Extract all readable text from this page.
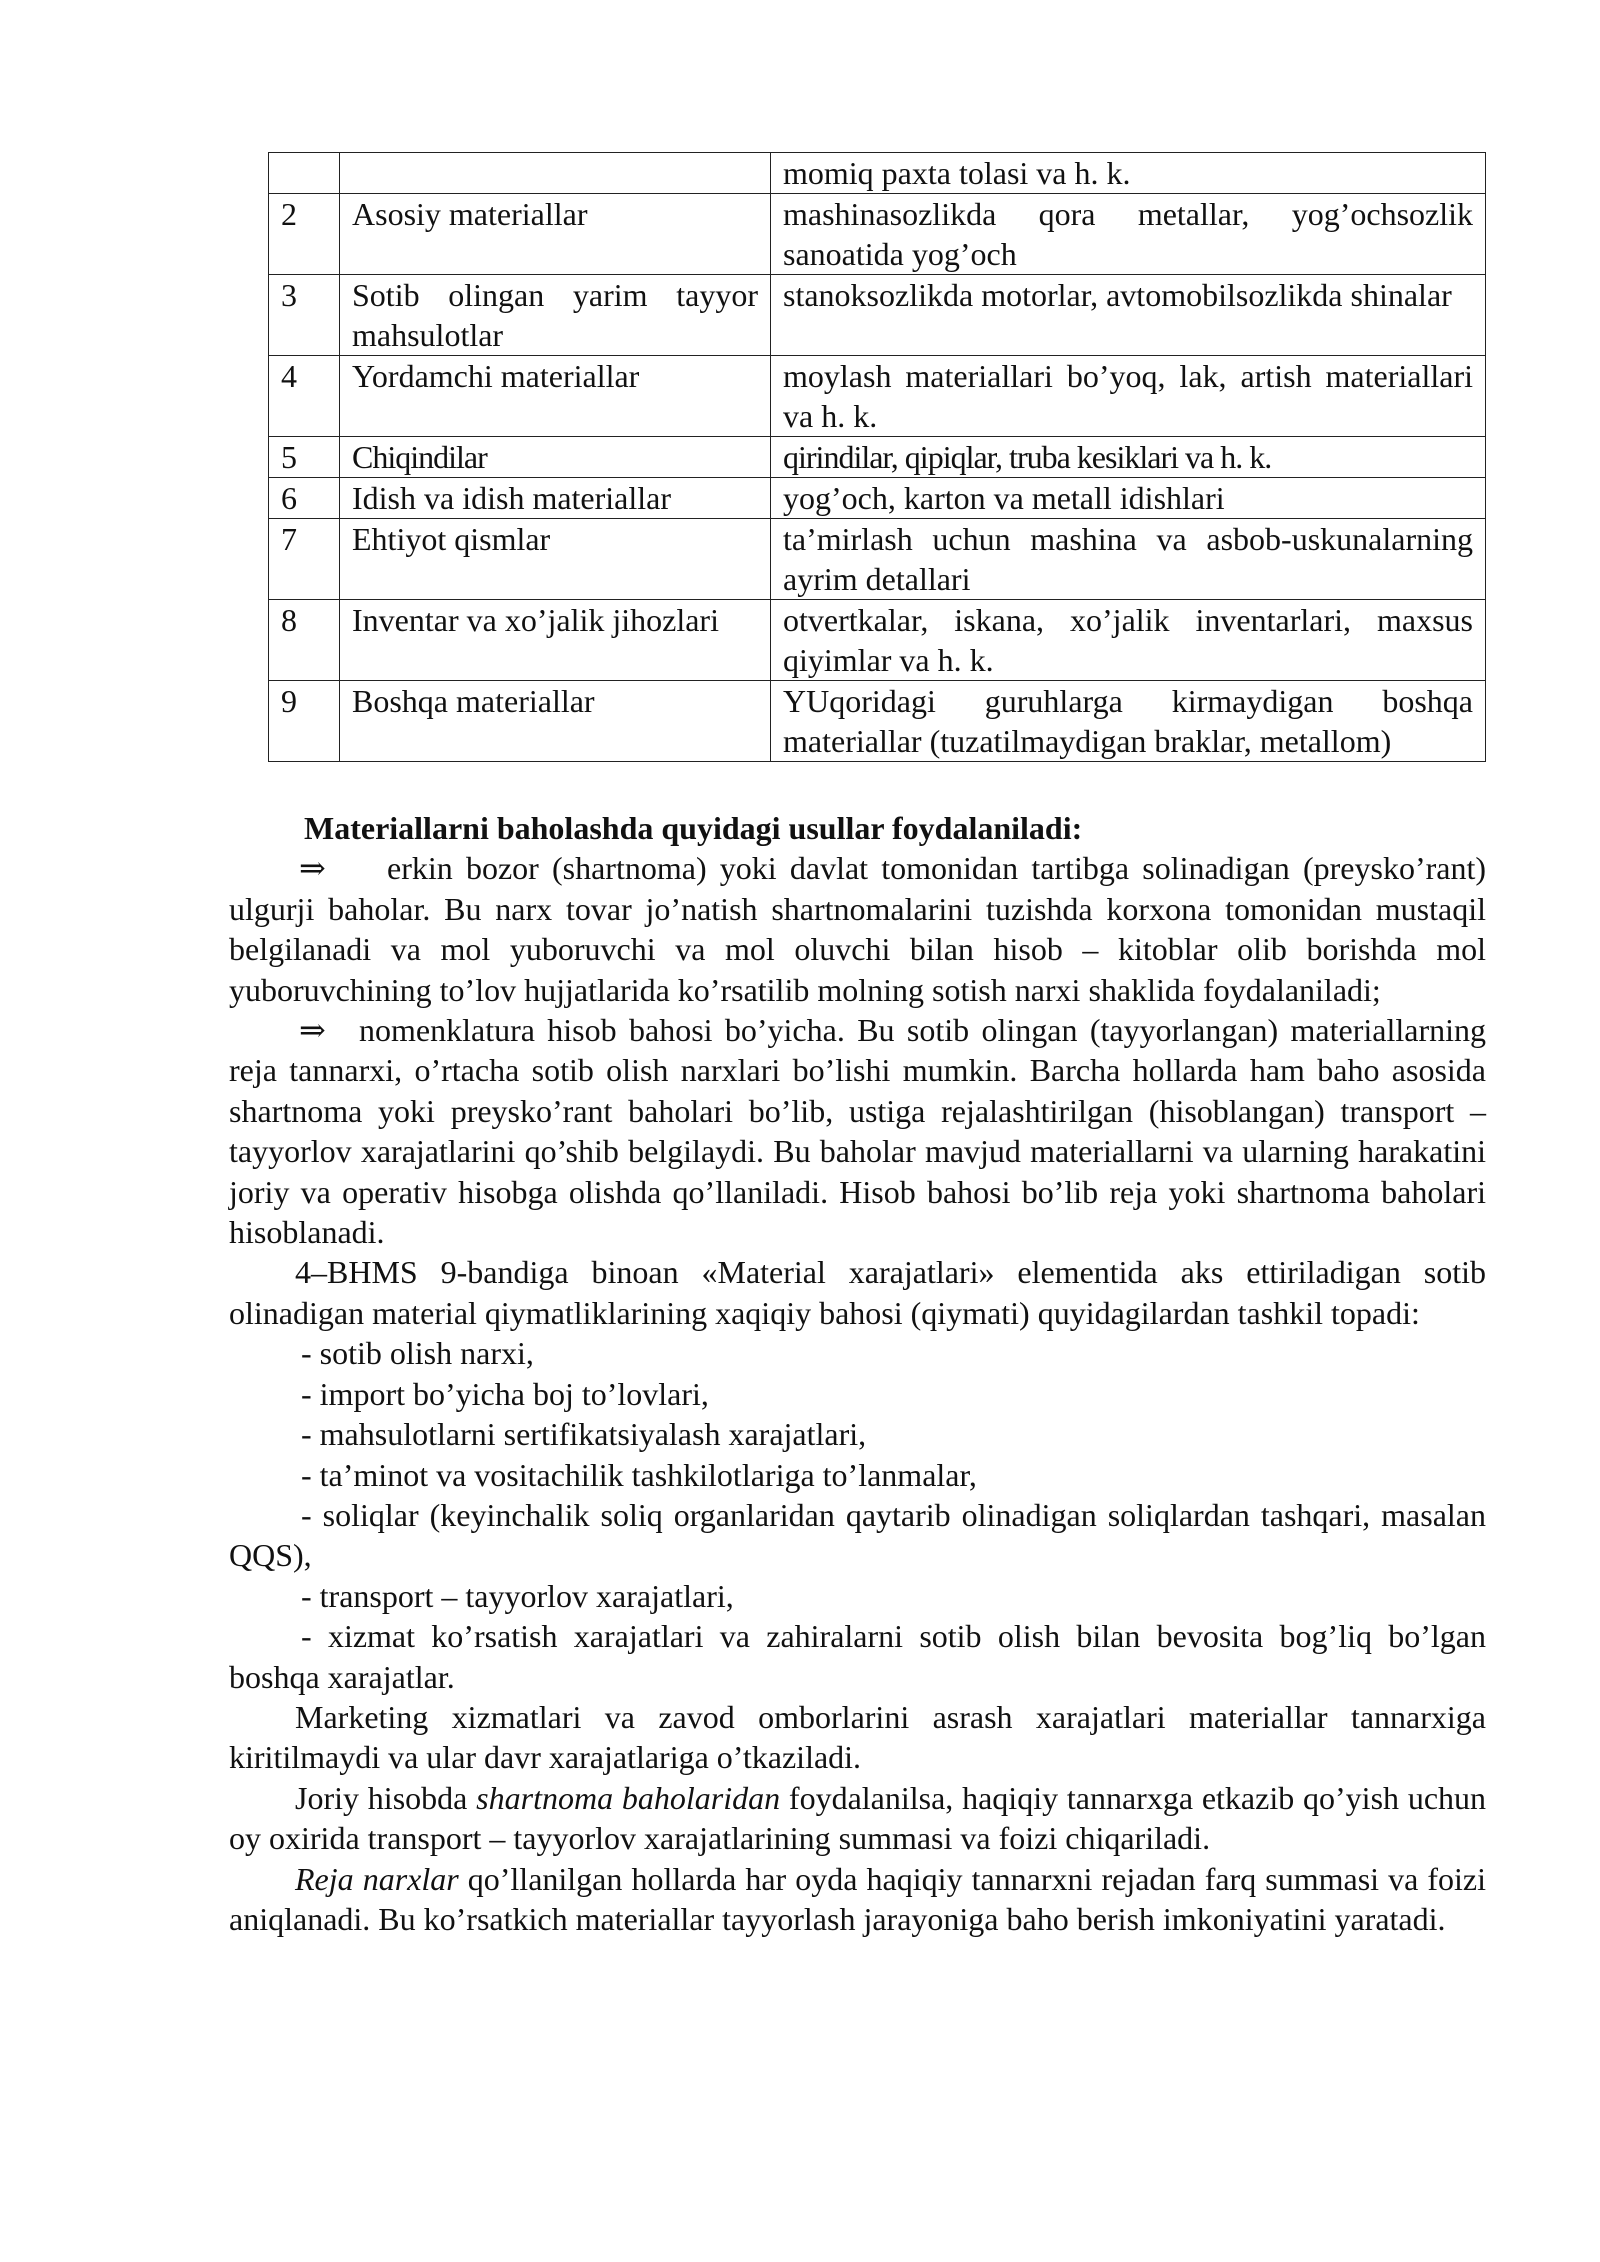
		momiq paxta tolasi va h. k.
2	Asosiy materiallar	mashinasozlikda qora metallar, yog’ochsozlik sanoatida yog’och
3	Sotib olingan yarim tayyor mahsulotlar	stanoksozlikda motorlar, avtomobilsozlikda shinalar
4	Yordamchi materiallar	moylash materiallari bo’yoq, lak, artish materiallari va h. k.
5	Chiqindilar	qirindilar, qipiqlar, truba kesiklari va h. k.
6	Idish va idish materiallar	yog’och, karton va metall idishlari
7	Ehtiyot qismlar	ta’mirlash uchun mashina va asbob-uskunalarning ayrim detallari
8	Inventar va xo’jalik jihozlari	otvertkalar, iskana, xo’jalik inventarlari, maxsus qiyimlar va h. k.
9	Boshqa materiallar	YUqoridagi guruhlarga kirmaydigan boshqa materiallar (tuzatilmaydigan braklar, metallom)

Materiallarni baholashda quyidagi usullar foydalaniladi:

⇒ erkin bozor (shartnoma) yoki davlat tomonidan tartibga solinadigan (preysko’rant) ulgurji baholar. Bu narx tovar jo’natish shartnomalarini tuzishda korxona tomonidan mustaqil belgilanadi va mol yuboruvchi va mol oluvchi bilan hisob – kitoblar olib borishda mol yuboruvchining to’lov hujjatlarida ko’rsatilib molning sotish narxi shaklida foydalaniladi;

⇒ nomenklatura hisob bahosi bo’yicha. Bu sotib olingan (tayyorlangan) materiallarning reja tannarxi, o’rtacha sotib olish narxlari bo’lishi mumkin. Barcha hollarda ham baho asosida shartnoma yoki preysko’rant baholari bo’lib, ustiga rejalashtirilgan (hisoblangan) transport – tayyorlov xarajatlarini qo’shib belgilaydi. Bu baholar mavjud materiallarni va ularning harakatini joriy va operativ hisobga olishda qo’llaniladi. Hisob bahosi bo’lib reja yoki shartnoma baholari hisoblanadi.

4–BHMS 9-bandiga binoan «Material xarajatlari» elementida aks ettiriladigan sotib olinadigan material qiymatliklarining xaqiqiy bahosi (qiymati) quyidagilardan tashkil topadi:

- sotib olish narxi,

- import bo’yicha boj to’lovlari,

- mahsulotlarni sertifikatsiyalash xarajatlari,

- ta’minot va vositachilik tashkilotlariga to’lanmalar,

- soliqlar (keyinchalik soliq organlaridan qaytarib olinadigan soliqlardan tashqari, masalan QQS),

- transport – tayyorlov xarajatlari,

- xizmat ko’rsatish xarajatlari va zahiralarni sotib olish bilan bevosita bog’liq bo’lgan boshqa xarajatlar.

Marketing xizmatlari va zavod omborlarini asrash xarajatlari materiallar tannarxiga kiritilmaydi va ular davr xarajatlariga o’tkaziladi.

Joriy hisobda shartnoma baholaridan foydalanilsa, haqiqiy tannarxga etkazib qo’yish uchun oy oxirida transport – tayyorlov xarajatlarining summasi va foizi chiqariladi.

Reja narxlar qo’llanilgan hollarda har oyda haqiqiy tannarxni rejadan farq summasi va foizi aniqlanadi. Bu ko’rsatkich materiallar tayyorlash jarayoniga baho berish imkoniyatini yaratadi.
